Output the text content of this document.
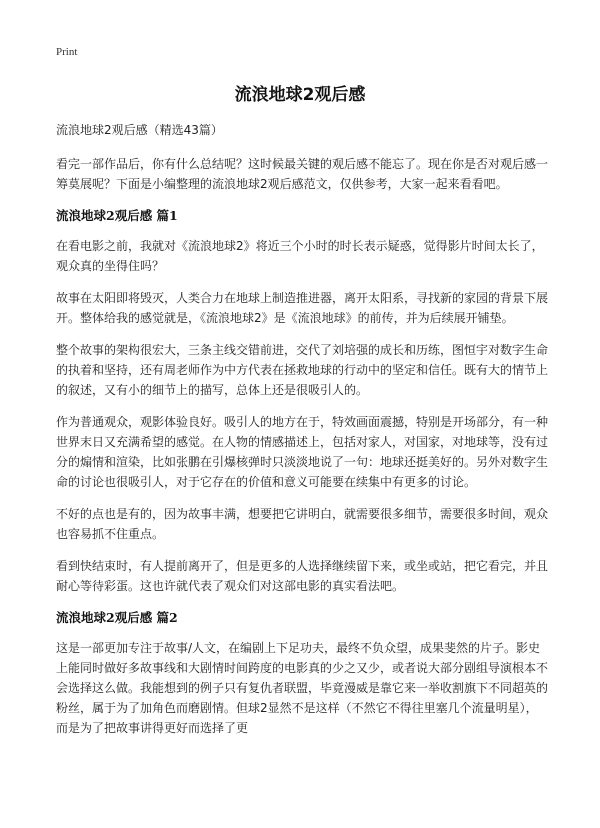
Print
流浪地球2观后感

流浪地球2观后感（精选43篇）

看完一部作品后，你有什么总结呢？这时候最关键的观后感不能忘了。现在你是否对观后感一筹莫展呢？下面是小编整理的流浪地球2观后感范文，仅供参考，大家一起来看看吧。

流浪地球2观后感 篇1

在看电影之前，我就对《流浪地球2》将近三个小时的时长表示疑惑，觉得影片时间太长了，观众真的坐得住吗？

故事在太阳即将毁灭，人类合力在地球上制造推进器，离开太阳系，寻找新的家园的背景下展开。整体给我的感觉就是，《流浪地球2》是《流浪地球》的前传，并为后续展开铺垫。

整个故事的架构很宏大，三条主线交错前进，交代了刘培强的成长和历练，图恒宇对数字生命的执着和坚持，还有周老师作为中方代表在拯救地球的行动中的坚定和信任。既有大的情节上的叙述，又有小的细节上的描写，总体上还是很吸引人的。

作为普通观众，观影体验良好。吸引人的地方在于，特效画面震撼，特别是开场部分，有一种世界末日又充满希望的感觉。在人物的情感描述上，包括对家人，对国家，对地球等，没有过分的煽情和渲染，比如张鹏在引爆核弹时只淡淡地说了一句：地球还挺美好的。另外对数字生命的讨论也很吸引人，对于它存在的价值和意义可能要在续集中有更多的讨论。

不好的点也是有的，因为故事丰满，想要把它讲明白，就需要很多细节，需要很多时间，观众也容易抓不住重点。

看到快结束时，有人提前离开了，但是更多的人选择继续留下来，或坐或站，把它看完，并且耐心等待彩蛋。这也许就代表了观众们对这部电影的真实看法吧。

流浪地球2观后感 篇2

这是一部更加专注于故事/人文，在编剧上下足功夫，最终不负众望，成果斐然的片子。影史上能同时做好多故事线和大剧情时间跨度的电影真的少之又少，或者说大部分剧组导演根本不会选择这么做。我能想到的例子只有复仇者联盟，毕竟漫威是靠它来一举收割旗下不同超英的粉丝，属于为了加角色而磨剧情。但球2显然不是这样（不然它不得往里塞几个流量明星），而是为了把故事讲得更好而选择了更
